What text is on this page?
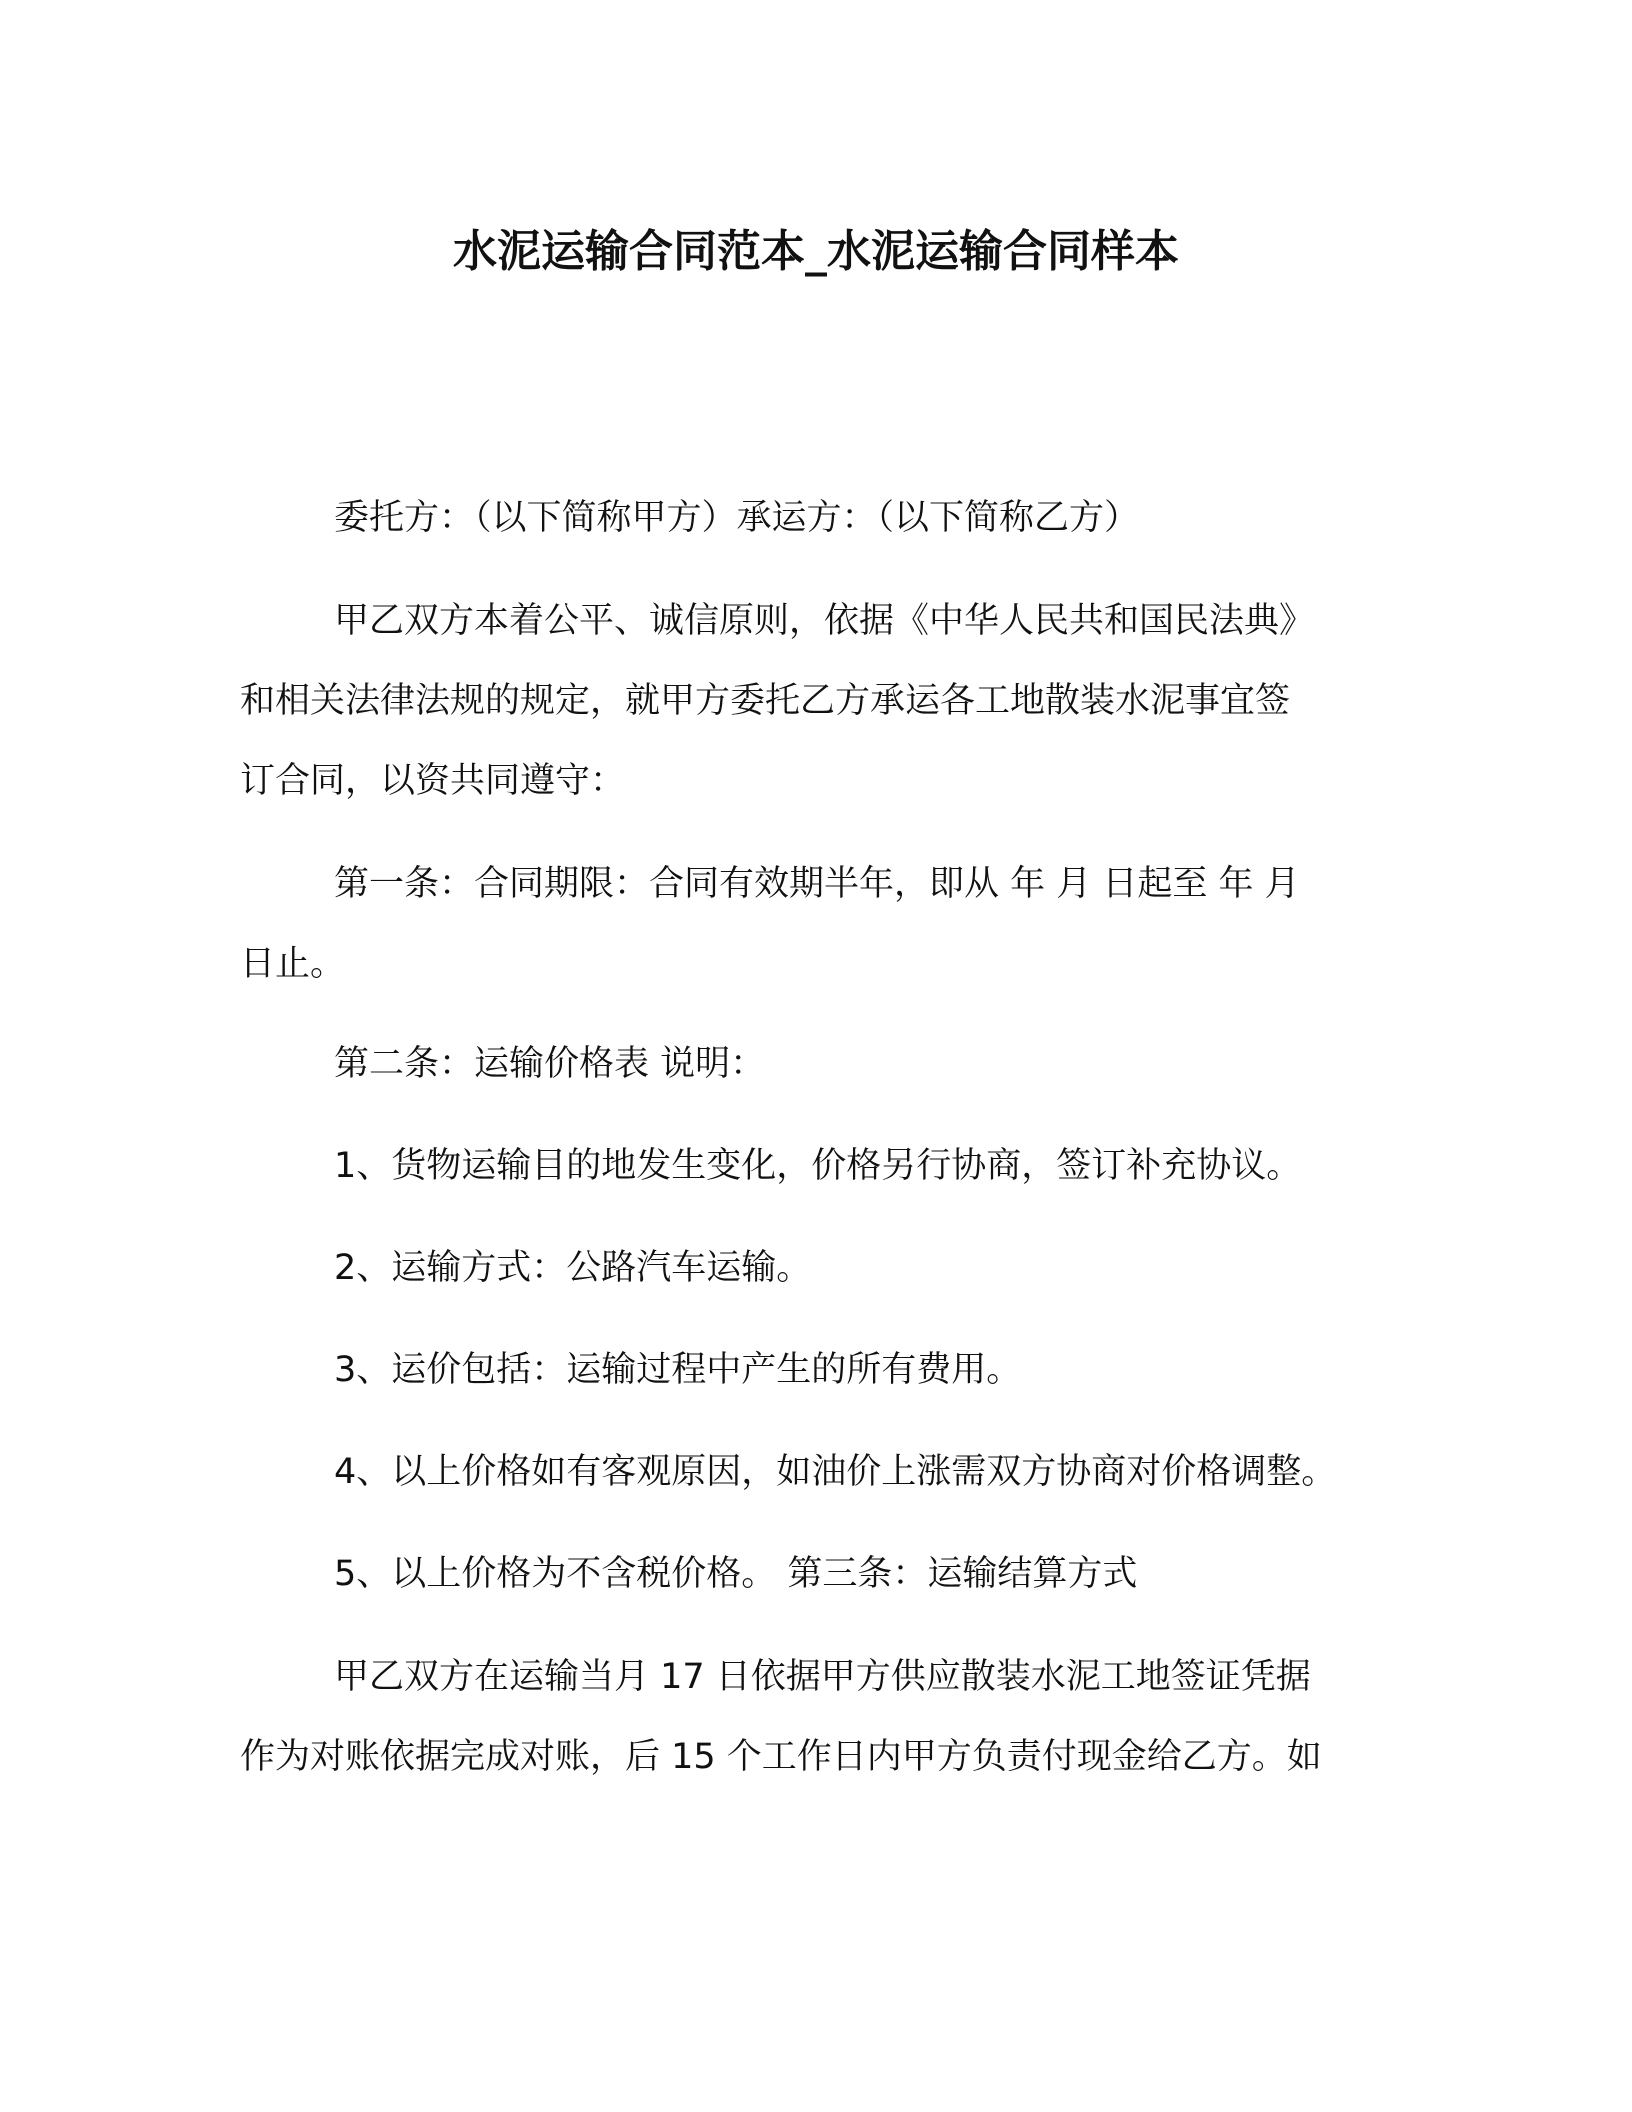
水泥运输合同范本_水泥运输合同样本
委托方：（以下简称甲方）承运方：（以下简称乙方）
甲乙双方本着公平、诚信原则，依据《中华人民共和国民法典》
和相关法律法规的规定，就甲方委托乙方承运各工地散装水泥事宜签
订合同，以资共同遵守：
第一条：合同期限：合同有效期半年，即从 年 月 日起至 年 月
日止。
第二条：运输价格表 说明：
1、货物运输目的地发生变化，价格另行协商，签订补充协议。
2、运输方式：公路汽车运输。
3、运价包括：运输过程中产生的所有费用。
4、以上价格如有客观原因，如油价上涨需双方协商对价格调整。
5、以上价格为不含税价格。 第三条：运输结算方式
甲乙双方在运输当月 17 日依据甲方供应散装水泥工地签证凭据
作为对账依据完成对账，后 15 个工作日内甲方负责付现金给乙方。如
